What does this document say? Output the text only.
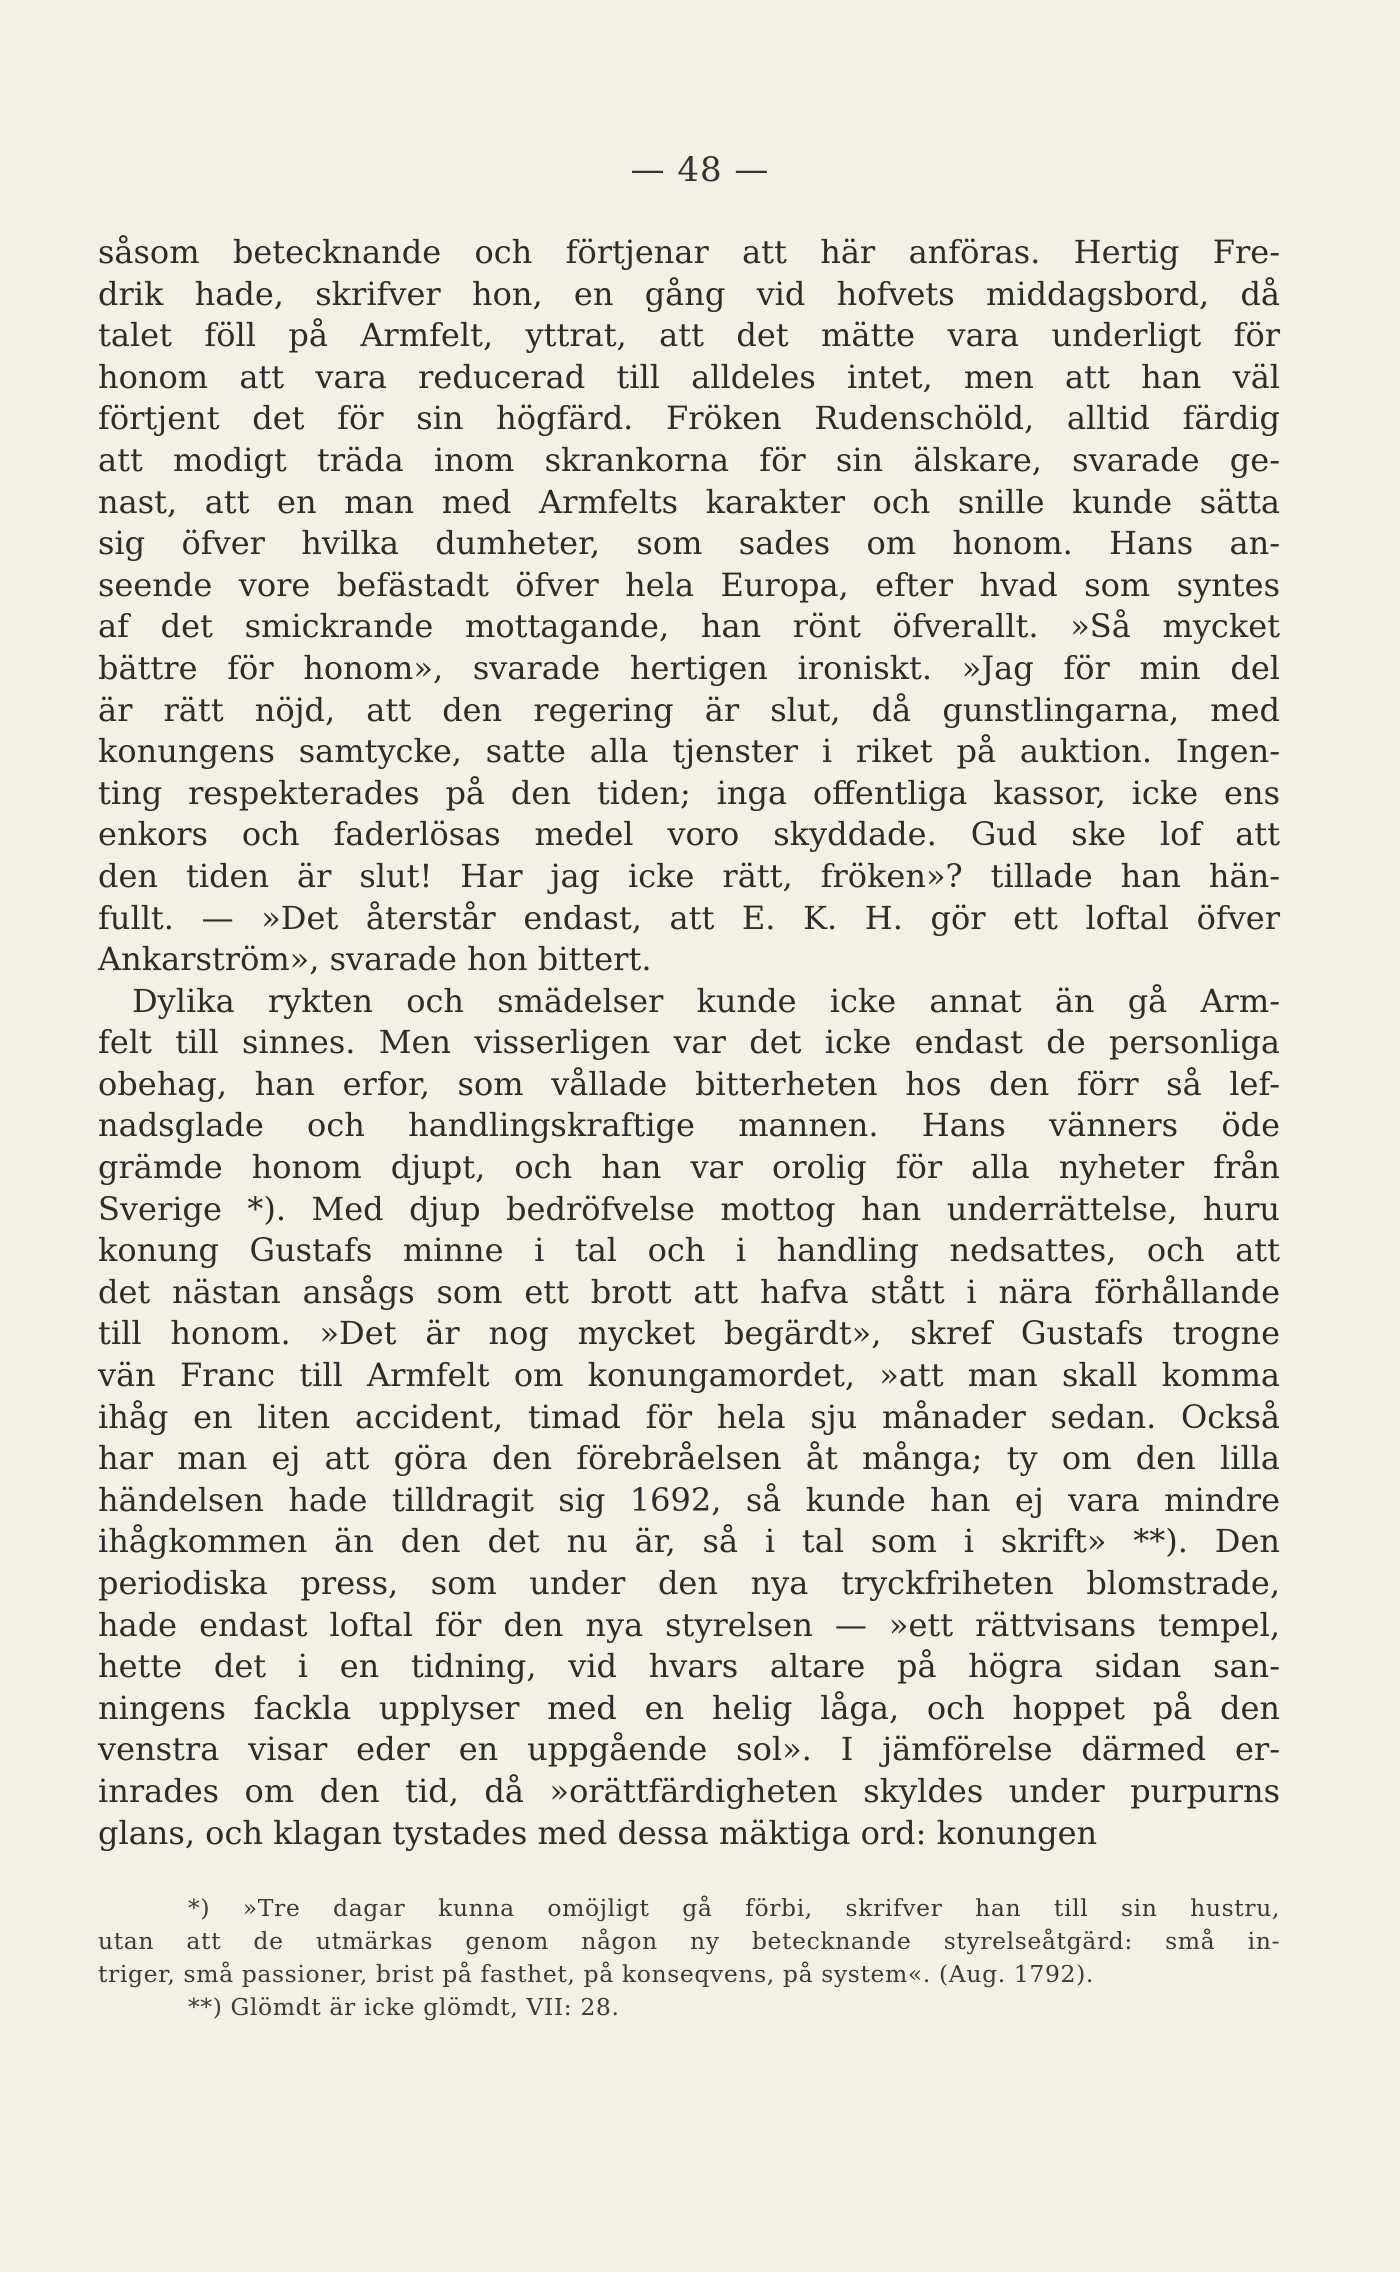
— 48 —
såsom betecknande och förtjenar att här anföras. Hertig Fre-
drik hade, skrifver hon, en gång vid hofvets middagsbord, då
talet föll på Armfelt, yttrat, att det mätte vara underligt för
honom att vara reducerad till alldeles intet, men att han väl
förtjent det för sin högfärd. Fröken Rudenschöld, alltid färdig
att modigt träda inom skrankorna för sin älskare, svarade ge-
nast, att en man med Armfelts karakter och snille kunde sätta
sig öfver hvilka dumheter, som sades om honom. Hans an-
seende vore befästadt öfver hela Europa, efter hvad som syntes
af det smickrande mottagande, han rönt öfverallt. »Så mycket
bättre för honom», svarade hertigen ironiskt. »Jag för min del
är rätt nöjd, att den regering är slut, då gunstlingarna, med
konungens samtycke, satte alla tjenster i riket på auktion. Ingen-
ting respekterades på den tiden; inga offentliga kassor, icke ens
enkors och faderlösas medel voro skyddade. Gud ske lof att
den tiden är slut! Har jag icke rätt, fröken»? tillade han hän-
fullt. — »Det återstår endast, att E. K. H. gör ett loftal öfver
Ankarström», svarade hon bittert.
Dylika rykten och smädelser kunde icke annat än gå Arm-
felt till sinnes. Men visserligen var det icke endast de personliga
obehag, han erfor, som vållade bitterheten hos den förr så lef-
nadsglade och handlingskraftige mannen. Hans vänners öde
grämde honom djupt, och han var orolig för alla nyheter från
Sverige *). Med djup bedröfvelse mottog han underrättelse, huru
konung Gustafs minne i tal och i handling nedsattes, och att
det nästan ansågs som ett brott att hafva stått i nära förhållande
till honom. »Det är nog mycket begärdt», skref Gustafs trogne
vän Franc till Armfelt om konungamordet, »att man skall komma
ihåg en liten accident, timad för hela sju månader sedan. Också
har man ej att göra den förebråelsen åt många; ty om den lilla
händelsen hade tilldragit sig 1692, så kunde han ej vara mindre
ihågkommen än den det nu är, så i tal som i skrift» **). Den
periodiska press, som under den nya tryckfriheten blomstrade,
hade endast loftal för den nya styrelsen — »ett rättvisans tempel,
hette det i en tidning, vid hvars altare på högra sidan san-
ningens fackla upplyser med en helig låga, och hoppet på den
venstra visar eder en uppgående sol». I jämförelse därmed er-
inrades om den tid, då »orättfärdigheten skyldes under purpurns
glans, och klagan tystades med dessa mäktiga ord: konungen
*) »Tre dagar kunna omöjligt gå förbi, skrifver han till sin hustru,
utan att de utmärkas genom någon ny betecknande styrelseåtgärd: små in-
triger, små passioner, brist på fasthet, på konseqvens, på system«. (Aug. 1792).
**) Glömdt är icke glömdt, VII: 28.
